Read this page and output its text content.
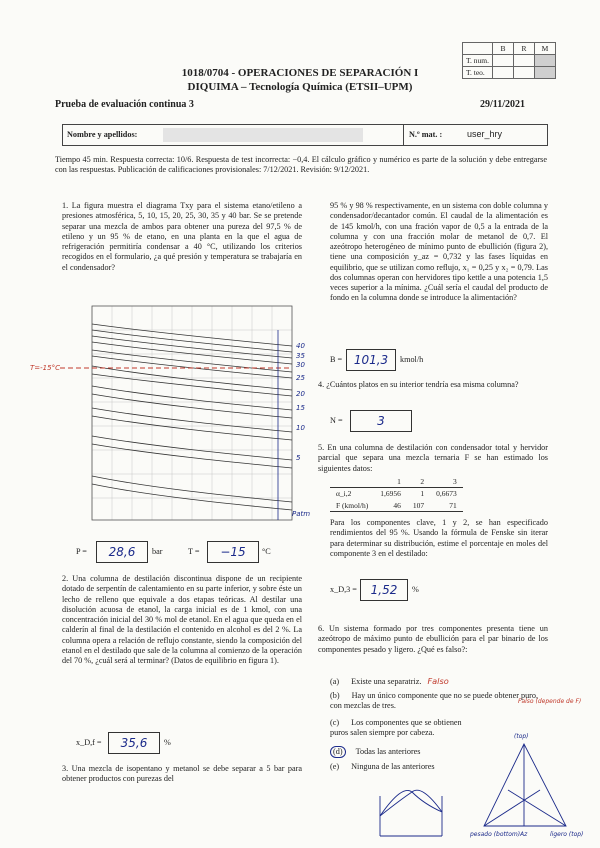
	B	R	M
T. num.			
T. teo.			
1018/0704 - OPERACIONES DE SEPARACIÓN I
DIQUIMA – Tecnología Química (ETSII–UPM)
Prueba de evaluación continua 3	29/11/2021
Nombre y apellidos:	N.º mat. :	user_hry
Tiempo 45 min. Respuesta correcta: 10/6. Respuesta de test incorrecta: −0,4. El cálculo gráfico y numérico es parte de la solución y debe entregarse con las respuestas. Publicación de calificaciones provisionales: 7/12/2021. Revisión: 9/12/2021.
1. La figura muestra el diagrama Txy para el sistema etano/etileno a presiones atmosférica, 5, 10, 15, 20, 25, 30, 35 y 40 bar. Se se pretende separar una mezcla de ambos para obtener una pureza del 97,5 % de etileno y un 95 % de etano, en una planta en la que el agua de refrigeración permitiría condensar a 40 °C, utilizando los criterios recogidos en el formulario, ¿a qué presión y temperatura se trabajaría en el condensador?
40
35
30
25
20
15
10
5
Patm
T=-15°C
P =	28,6	bar	T =	−15	°C
2. Una columna de destilación discontinua dispone de un recipiente dotado de serpentín de calentamiento en su parte inferior, y sobre éste un lecho de relleno que equivale a dos etapas teóricas. Al destilar una disolución acuosa de etanol, la carga inicial es de 1 kmol, con una concentración inicial del 30 % mol de etanol. En el agua que queda en el calderín al final de la destilación el contenido en alcohol es del 2 %. La columna opera a relación de reflujo constante, siendo la composición del etanol en el destilado que sale de la columna al comienzo de la operación del 70 %, ¿cuál será al terminar? (Datos de equilibrio en figura 1).
x_D,f =	35,6	%
3. Una mezcla de isopentano y metanol se debe separar a 5 bar para obtener productos con purezas del
95 % y 98 % respectivamente, en un sistema con doble columna y condensador/decantador común. El caudal de la alimentación es de 145 kmol/h, con una fración vapor de 0,5 a la entrada de la columna y con una fracción molar de metanol de 0,7. El azeótropo heterogéneo de mínimo punto de ebullición (figura 2), tiene una composición y_az = 0,732 y las fases líquidas en equilibrio, que se utilizan como reflujo, x₁ = 0,25 y x₂ = 0,79. Las dos columnas operan con hervidores tipo kettle a una potencia 1,5 veces superior a la mínima. ¿Cuál sería el caudal del producto de fondo en la columna donde se introduce la alimentación?
B = 101,3	kmol/h
4. ¿Cuántos platos en su interior tendría esa misma columna?
N =	3
5. En una columna de destilación con condensador total y hervidor parcial que separa una mezcla ternaria F se han estimado los siguientes datos:
	1	2	3
α_i,2	1,6956	1	0,6673
F (kmol/h)	46	107	71
Para los componentes clave, 1 y 2, se han especificado rendimientos del 95 %. Usando la fórmula de Fenske sin iterar para determinar su distribución, estime el porcentaje en moles del componente 3 en el destilado:
x_D,3 =	1,52	%
6. Un sistema formado por tres componentes presenta tiene un azeótropo de máximo punto de ebullición para el par binario de los componentes pesado y ligero. ¿Qué es falso?:
(a) Existe una separatriz. Falso
(b) Hay un único componente que no se puede obtener puro, con mezclas de tres.	Falso (depende de F)
(c) Los componentes que se obtienen puros salen siempre por cabeza.
(d) Todas las anteriores
(e) Ninguna de las anteriores
(top)
Az
pesado (bottom)	ligero (top)
